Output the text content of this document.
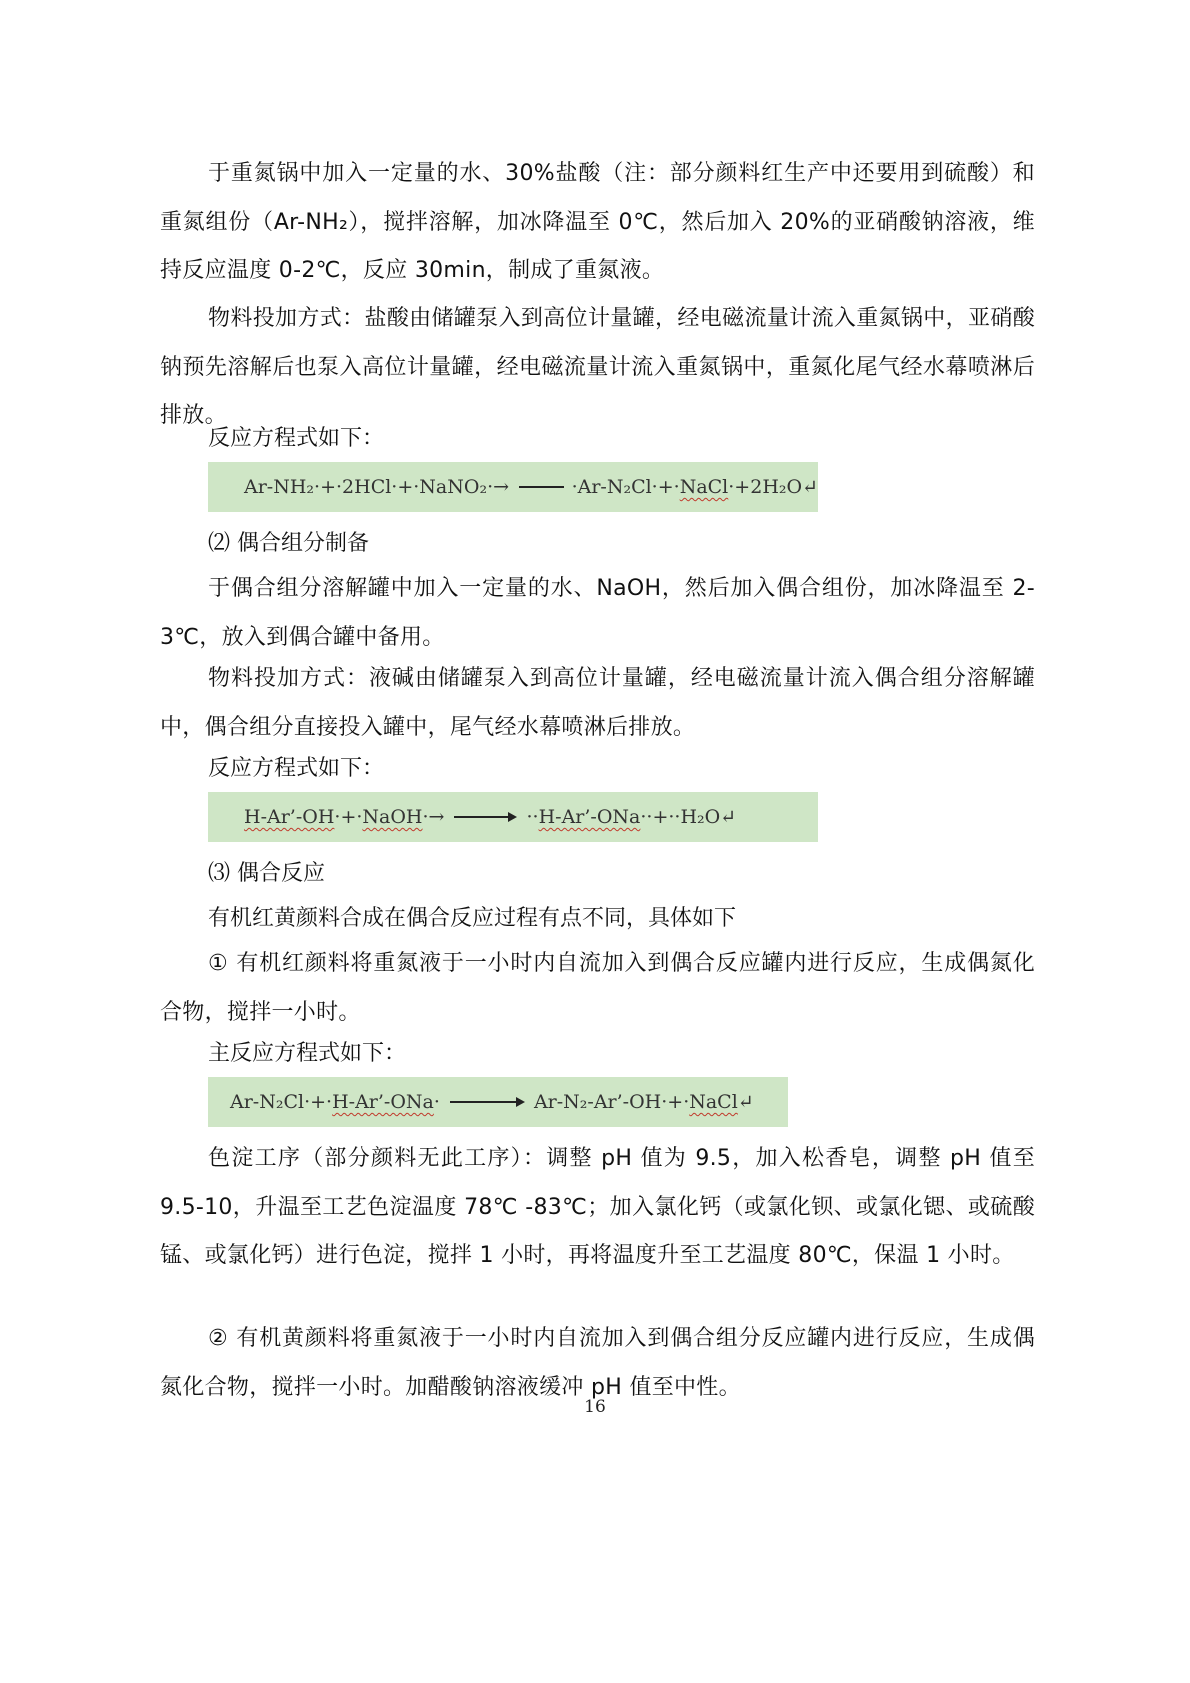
于重氮锅中加入一定量的水、30%盐酸（注：部分颜料红生产中还要用到硫酸）和重氮组份（Ar-NH₂），搅拌溶解，加冰降温至 0℃，然后加入 20%的亚硝酸钠溶液，维持反应温度 0-2℃，反应 30min，制成了重氮液。

物料投加方式：盐酸由储罐泵入到高位计量罐，经电磁流量计流入重氮锅中，亚硝酸钠预先溶解后也泵入高位计量罐，经电磁流量计流入重氮锅中，重氮化尾气经水幕喷淋后排放。

反应方程式如下：

Ar-NH₂·+·2HCl·+·NaNO₂·→	·Ar-N₂Cl·+· NaCl ·+2H₂O↵

⑵ 偶合组分制备

于偶合组分溶解罐中加入一定量的水、NaOH，然后加入偶合组份，加冰降温至 2-3℃，放入到偶合罐中备用。

物料投加方式：液碱由储罐泵入到高位计量罐，经电磁流量计流入偶合组分溶解罐中，偶合组分直接投入罐中，尾气经水幕喷淋后排放。

反应方程式如下：

H-Ar’-OH ·+· NaOH ·→	·· H-Ar’-ONa ··+··H₂O↵

⑶ 偶合反应

有机红黄颜料合成在偶合反应过程有点不同，具体如下

① 有机红颜料将重氮液于一小时内自流加入到偶合反应罐内进行反应，生成偶氮化合物，搅拌一小时。

主反应方程式如下：

Ar-N₂Cl·+· H-Ar’-ONa ·	Ar-N₂-Ar’-OH·+· NaCl ↵

色淀工序（部分颜料无此工序）：调整 pH 值为 9.5，加入松香皂，调整 pH 值至 9.5-10，升温至工艺色淀温度 78℃ -83℃；加入氯化钙（或氯化钡、或氯化锶、或硫酸锰、或氯化钙）进行色淀，搅拌 1 小时，再将温度升至工艺温度 80℃，保温 1 小时。

16

② 有机黄颜料将重氮液于一小时内自流加入到偶合组分反应罐内进行反应，生成偶氮化合物，搅拌一小时。加醋酸钠溶液缓冲 pH 值至中性。
